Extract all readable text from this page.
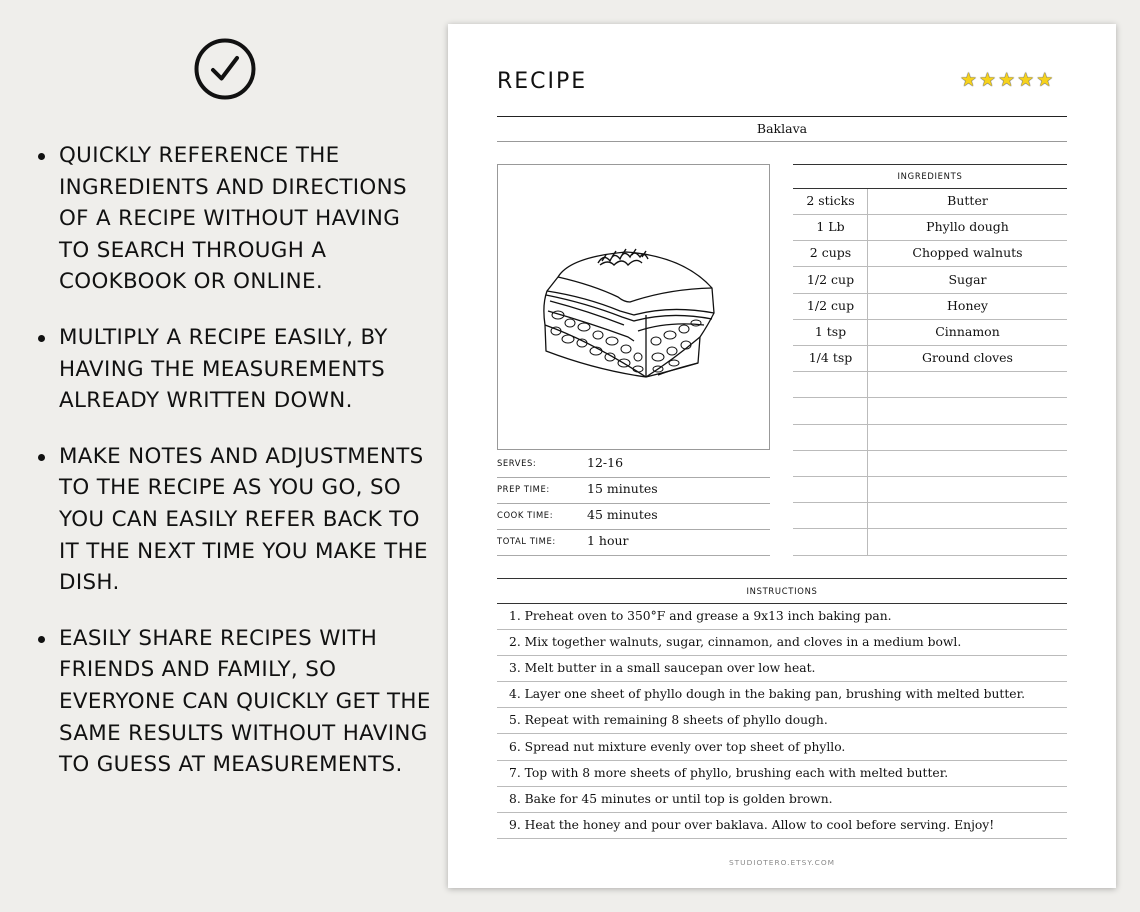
QUICKLY REFERENCE THE INGREDIENTS AND DIRECTIONS OF A RECIPE WITHOUT HAVING TO SEARCH THROUGH A COOKBOOK OR ONLINE.
MULTIPLY A RECIPE EASILY, BY HAVING THE MEASUREMENTS ALREADY WRITTEN DOWN.
MAKE NOTES AND ADJUSTMENTS TO THE RECIPE AS YOU GO, SO YOU CAN EASILY REFER BACK TO IT THE NEXT TIME YOU MAKE THE DISH.
EASILY SHARE RECIPES WITH FRIENDS AND FAMILY, SO EVERYONE CAN QUICKLY GET THE SAME RESULTS WITHOUT HAVING TO GUESS AT MEASUREMENTS.
RECIPE	★ ★ ★ ★ ★
Baklava
SERVES:	12-16
PREP TIME:	15 minutes
COOK TIME:	45 minutes
TOTAL TIME: 1 hour
INGREDIENTS
2 sticks	Butter
1 Lb	Phyllo dough
2 cups	Chopped walnuts
1/2 cup	Sugar
1/2 cup	Honey
1 tsp	Cinnamon
1/4 tsp	Ground cloves
INSTRUCTIONS
1. Preheat oven to 350°F and grease a 9x13 inch baking pan.
2. Mix together walnuts, sugar, cinnamon, and cloves in a medium bowl.
3. Melt butter in a small saucepan over low heat.
4. Layer one sheet of phyllo dough in the baking pan, brushing with melted butter.
5. Repeat with remaining 8 sheets of phyllo dough.
6. Spread nut mixture evenly over top sheet of phyllo.
7. Top with 8 more sheets of phyllo, brushing each with melted butter.
8. Bake for 45 minutes or until top is golden brown.
9. Heat the honey and pour over baklava. Allow to cool before serving. Enjoy!
STUDIOTERO.ETSY.COM
